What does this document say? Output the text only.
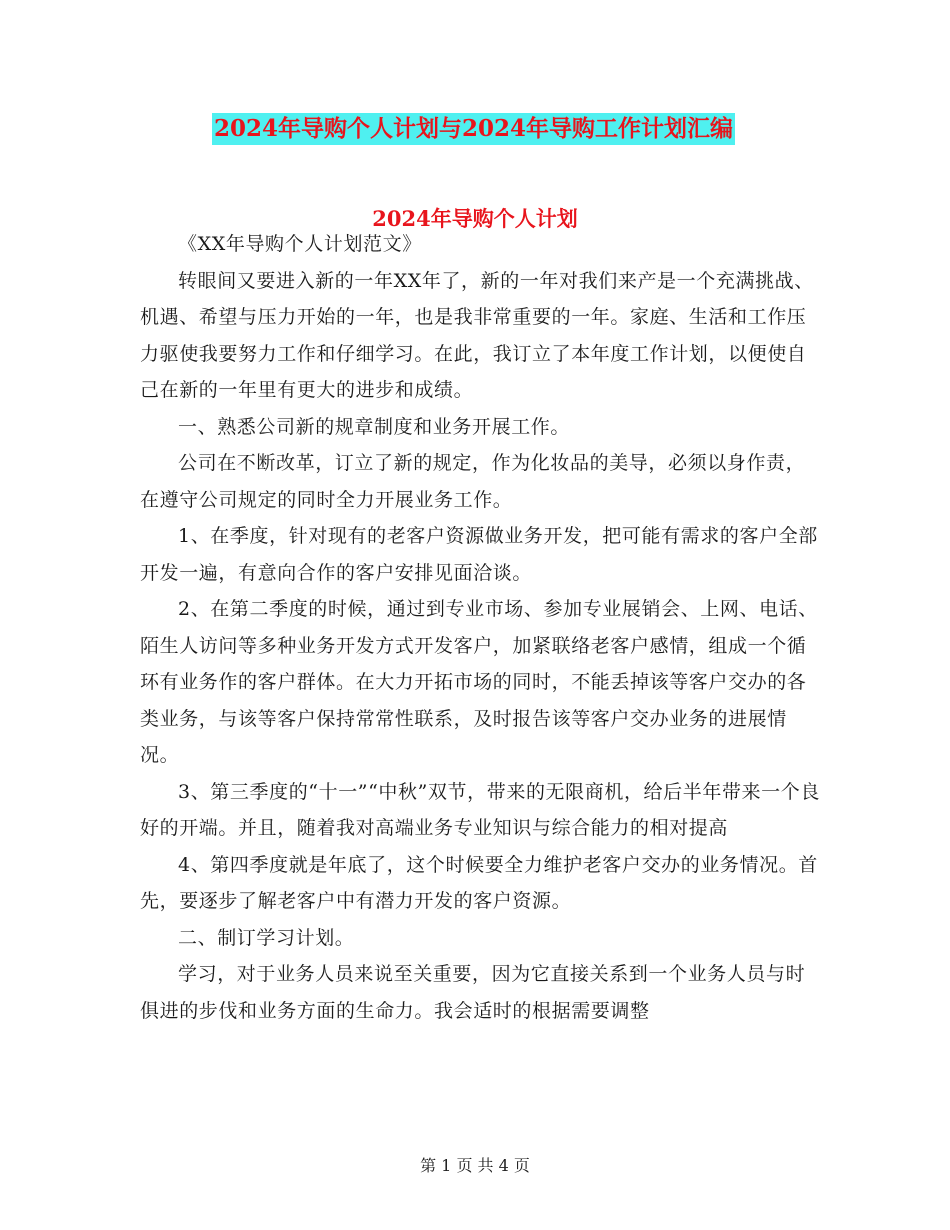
2024年导购个人计划与2024年导购工作计划汇编
2024年导购个人计划

《XX年导购个人计划范文》

转眼间又要进入新的一年XX年了，新的一年对我们来产是一个充满挑战、机遇、希望与压力开始的一年，也是我非常重要的一年。家庭、生活和工作压力驱使我要努力工作和仔细学习。在此，我订立了本年度工作计划，以便使自己在新的一年里有更大的进步和成绩。

一、熟悉公司新的规章制度和业务开展工作。

公司在不断改革，订立了新的规定，作为化妆品的美导，必须以身作责，在遵守公司规定的同时全力开展业务工作。

1、在季度，针对现有的老客户资源做业务开发，把可能有需求的客户全部开发一遍，有意向合作的客户安排见面洽谈。

2、在第二季度的时候，通过到专业市场、参加专业展销会、上网、电话、陌生人访问等多种业务开发方式开发客户，加紧联络老客户感情，组成一个循环有业务作的客户群体。在大力开拓市场的同时，不能丢掉该等客户交办的各类业务，与该等客户保持常常性联系，及时报告该等客户交办业务的进展情况。

3、第三季度的“十一”“中秋”双节，带来的无限商机，给后半年带来一个良好的开端。并且，随着我对高端业务专业知识与综合能力的相对提高

4、第四季度就是年底了，这个时候要全力维护老客户交办的业务情况。首先，要逐步了解老客户中有潜力开发的客户资源。

二、制订学习计划。

学习，对于业务人员来说至关重要，因为它直接关系到一个业务人员与时俱进的步伐和业务方面的生命力。我会适时的根据需要调整

第 1 页 共 4 页
